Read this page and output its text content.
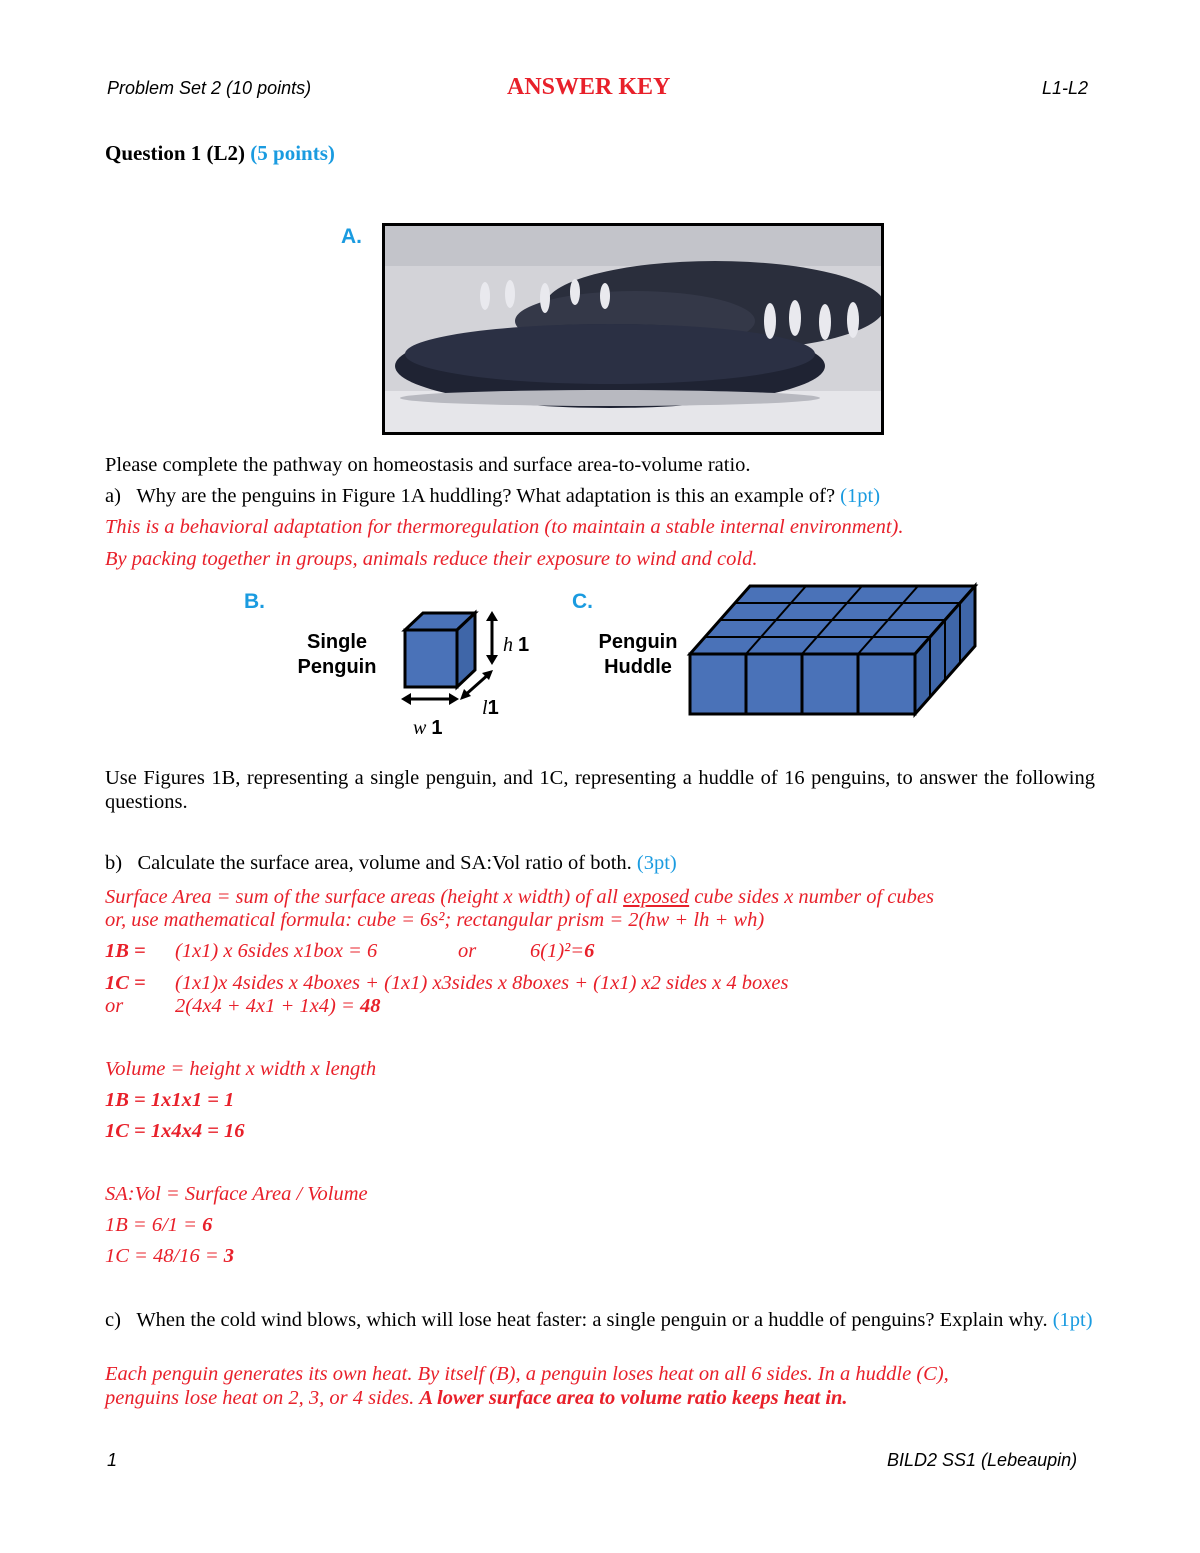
Problem Set 2 (10 points)	ANSWER KEY	L1-L2
Question 1 (L2) (5 points)
A.
Please complete the pathway on homeostasis and surface area-to-volume ratio.
a) Why are the penguins in Figure 1A huddling? What adaptation is this an example of? (1pt)
This is a behavioral adaptation for thermoregulation (to maintain a stable internal environment).
By packing together in groups, animals reduce their exposure to wind and cold.
B.
Single
Penguin
h 1
l1
w 1
C.
Penguin
Huddle
Use Figures 1B, representing a single penguin, and 1C, representing a huddle of 16 penguins, to answer the following questions.
b) Calculate the surface area, volume and SA:Vol ratio of both. (3pt)
Surface Area = sum of the surface areas (height x width) of all exposed cube sides x number of cubes
or, use mathematical formula: cube = 6s²; rectangular prism = 2(hw + lh + wh)
1B = (1x1) x 6sides x1box = 6	or	6(1)²=6
1C = (1x1)x 4sides x 4boxes + (1x1) x3sides x 8boxes + (1x1) x2 sides x 4 boxes
or	2(4x4 + 4x1 + 1x4) = 48
Volume = height x width x length
1B = 1x1x1 = 1
1C = 1x4x4 = 16
SA:Vol = Surface Area / Volume
1B = 6/1 = 6
1C = 48/16 = 3
c) When the cold wind blows, which will lose heat faster: a single penguin or a huddle of penguins? Explain why. (1pt)
Each penguin generates its own heat. By itself (B), a penguin loses heat on all 6 sides. In a huddle (C),
penguins lose heat on 2, 3, or 4 sides. A lower surface area to volume ratio keeps heat in.
1	BILD2 SS1 (Lebeaupin)
